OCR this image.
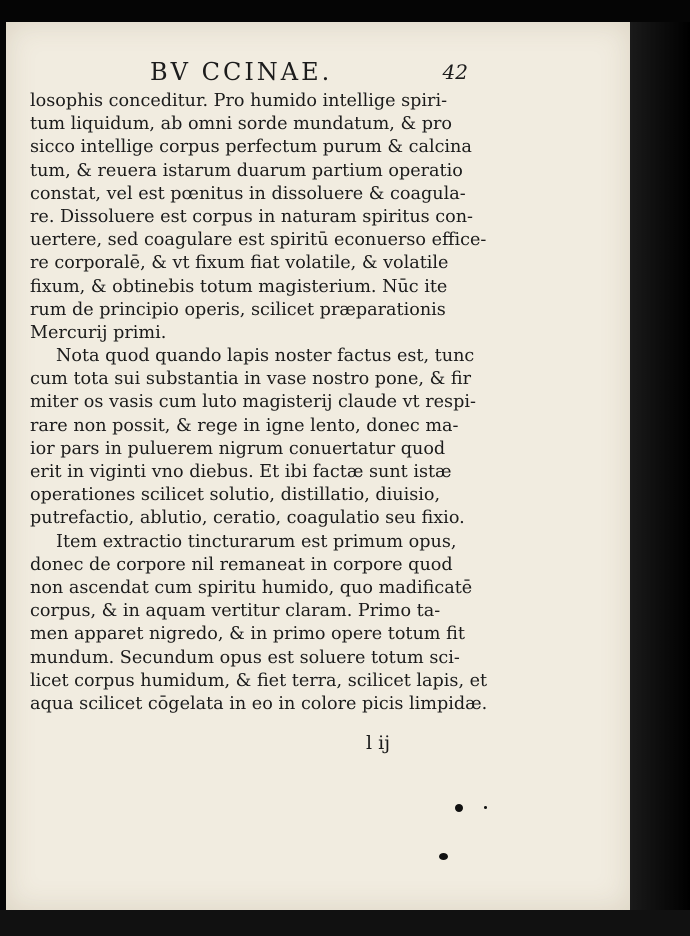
BV CCINAE.	42
losophis conceditur. Pro humido intellige spiri-
tum liquidum, ab omni sorde mundatum, & pro
sicco intellige corpus perfectum purum & calcina
tum, & reuera istarum duarum partium operatio
constat, vel est pœnitus in dissoluere & coagula-
re. Dissoluere est corpus in naturam spiritus con-
uertere, sed coagulare est spiritū econuerso effice-
re corporalē, & vt fixum fiat volatile, & volatile
fixum, & obtinebis totum magisterium. Nūc ite
rum de principio operis, scilicet præparationis
Mercurij primi.
Nota quod quando lapis noster factus est, tunc
cum tota sui substantia in vase nostro pone, & fir
miter os vasis cum luto magisterij claude vt respi-
rare non possit, & rege in igne lento, donec ma-
ior pars in puluerem nigrum conuertatur quod
erit in viginti vno diebus. Et ibi factæ sunt istæ
operationes scilicet solutio, distillatio, diuisio,
putrefactio, ablutio, ceratio, coagulatio seu fixio.
Item extractio tincturarum est primum opus,
donec de corpore nil remaneat in corpore quod
non ascendat cum spiritu humido, quo madificatē
corpus, & in aquam vertitur claram. Primo ta-
men apparet nigredo, & in primo opere totum fit
mundum. Secundum opus est soluere totum sci-
licet corpus humidum, & fiet terra, scilicet lapis, et
aqua scilicet cōgelata in eo in colore picis limpidæ.
l ij
